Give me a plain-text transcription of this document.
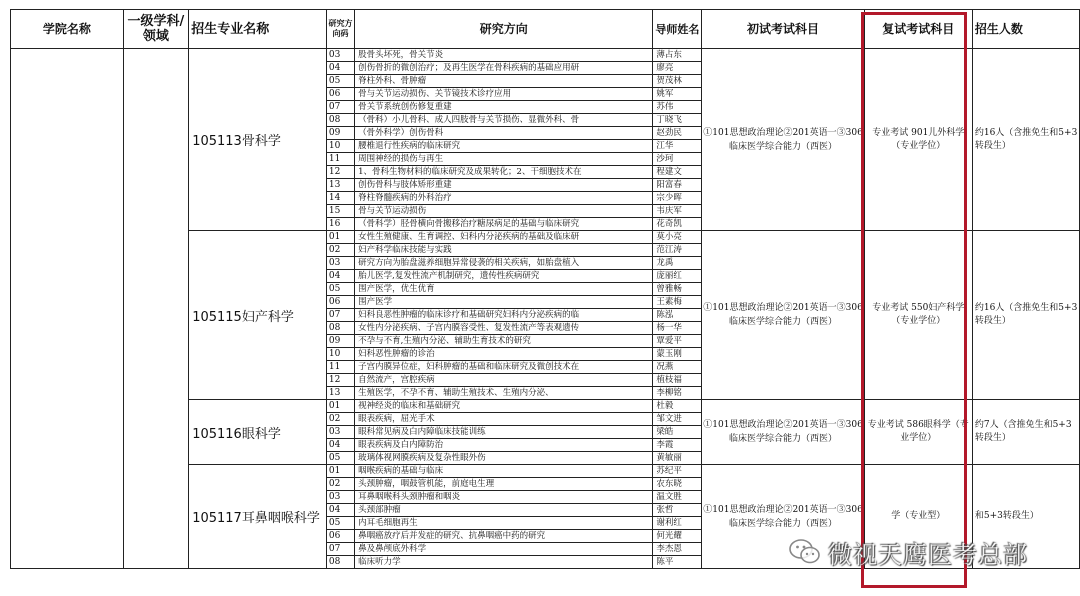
学院名称	一级学科/领域	招生专业名称	研究方向码	研究方向	导师姓名	初试考试科目	复试考试科目	招生人数
		105113骨科学	03	股骨头坏死，骨关节炎	薄占东	①101思想政治理论②201英语一③306临床医学综合能力（西医）	专业考试 901儿外科学（专业学位）	约16人（含推免生和5+3转段生）
			04	创伤骨折的微创治疗；及再生医学在骨科疾病的基础应用研	廖亮			
			05	脊柱外科、骨肿瘤	贺茂林			
			06	骨与关节运动损伤、关节镜技术诊疗应用	姚军			
			07	骨关节系统创伤修复重建	苏伟			
			08	（骨科）小儿骨科、成人四肢骨与关节损伤、显微外科、骨	丁晓飞			
			09	（骨外科学）创伤骨科	赵劲民			
			10	腰椎退行性疾病的临床研究	江华			
			11	周围神经的损伤与再生	沙珂			
			12	1、骨科生物材料的临床研究及成果转化；2、干细胞技术在	程建文			
			13	创伤骨科与肢体矫形重建	阳富春			
			14	脊柱脊髓疾病的外科治疗	宗少晖			
			15	骨与关节运动损伤	韦庆军			
			16	（骨科学）胫骨横向骨搬移治疗糖尿病足的基础与临床研究	花奇凯			
		105115妇产科学	01	女性生殖健康、生育调控、妇科内分泌疾病的基础及临床研	莫小亮	①101思想政治理论②201英语一③306临床医学综合能力（西医）	专业考试 550妇产科学（专业学位）	约16人（含推免生和5+3转段生）
			02	妇产科学临床技能与实践	范江涛			
			03	研究方向为胎盘滋养细胞异常侵袭的相关疾病，如胎盘植入	龙禹			
			04	胎儿医学,复发性流产机制研究，遗传性疾病研究	庞丽红			
			05	围产医学，优生优育	曾雅畅			
			06	围产医学	王素梅			
			07	妇科良恶性肿瘤的临床诊疗和基础研究妇科内分泌疾病的临	陈泓			
			08	女性内分泌疾病、子宫内膜容受性、复发性流产等表观遗传	杨一华			
			09	不孕与不育,生殖内分泌、辅助生育技术的研究	覃爱平			
			10	妇科恶性肿瘤的诊治	蒙玉刚			
			11	子宫内膜异位症，妇科肿瘤的基础和临床研究及微创技术在	况燕			
			12	自然流产，宫腔疾病	植枝福			
			13	生殖医学，不孕不育、辅助生殖技术、生殖内分泌、	李柳铭			
		105116眼科学	01	视神经炎的临床和基础研究	杜毅	①101思想政治理论②201英语一③306临床医学综合能力（西医）	专业考试 586眼科学（专业学位）	约7人（含推免生和5+3转段生）
			02	眼表疾病，屈光手术	邹文进			
			03	眼科常见病及白内障临床技能训练	梁皓			
			04	眼表疾病及白内障防治	李霞			
			05	玻璃体视网膜疾病及复杂性眼外伤	黄敏丽			
		105117耳鼻咽喉科学	01	咽喉疾病的基础与临床	苏纪平	①101思想政治理论②201英语一③306临床医学综合能力（西医）	学（专业型）	和5+3转段生）
			02	头颈肿瘤，咽鼓管机能，前庭电生理	农东晓			
			03	耳鼻咽喉科头颈肿瘤和咽炎	温文胜			
			04	头颈部肿瘤	张哲			
			05	内耳毛细胞再生	谢利红			
			06	鼻咽癌放疗后并发症的研究、抗鼻咽癌中药的研究	何光耀			
			07	鼻及鼻颅底外科学	李杰恩			
			08	临床听力学	陈平				微视天鹰医考总部
